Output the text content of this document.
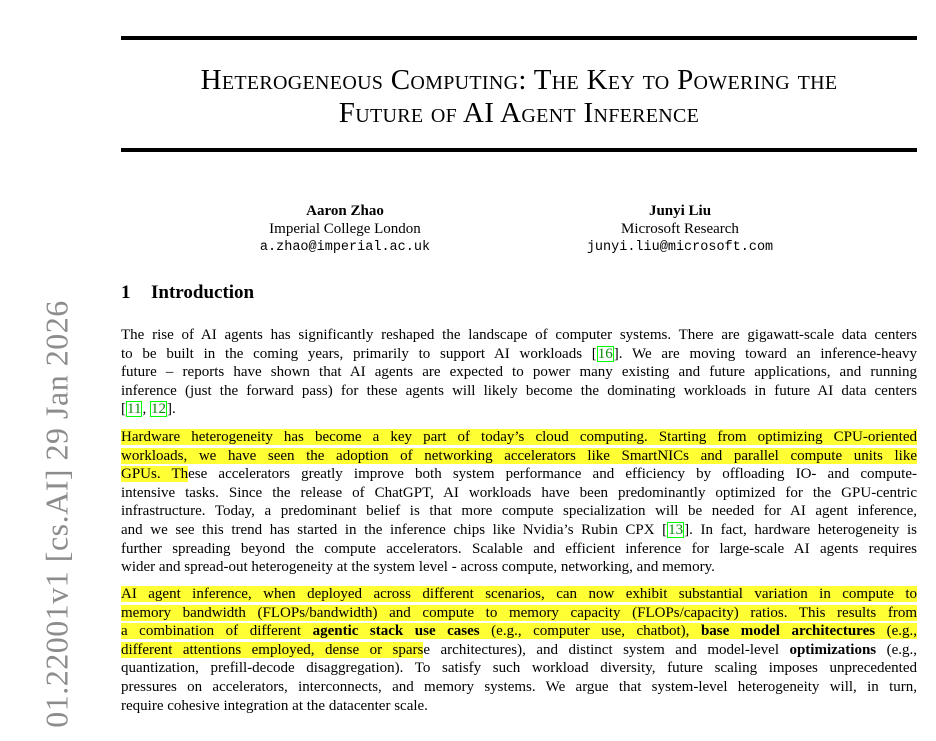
01.22001v1 [cs.AI] 29 Jan 2026
Heterogeneous Computing: The Key to Powering the
Future of AI Agent Inference
Aaron Zhao
Imperial College London
a.zhao@imperial.ac.uk
Junyi Liu
Microsoft Research
junyi.liu@microsoft.com
1 Introduction
The rise of AI agents has significantly reshaped the landscape of computer systems. There are gigawatt-scale data centers
to be built in the coming years, primarily to support AI workloads [16]. We are moving toward an inference-heavy
future – reports have shown that AI agents are expected to power many existing and future applications, and running
inference (just the forward pass) for these agents will likely become the dominating workloads in future AI data centers
[11, 12].
Hardware heterogeneity has become a key part of today’s cloud computing. Starting from optimizing CPU-oriented
workloads, we have seen the adoption of networking accelerators like SmartNICs and parallel compute units like
GPUs. These accelerators greatly improve both system performance and efficiency by offloading IO- and compute-
intensive tasks. Since the release of ChatGPT, AI workloads have been predominantly optimized for the GPU-centric
infrastructure. Today, a predominant belief is that more compute specialization will be needed for AI agent inference,
and we see this trend has started in the inference chips like Nvidia’s Rubin CPX [13]. In fact, hardware heterogeneity is
further spreading beyond the compute accelerators. Scalable and efficient inference for large-scale AI agents requires
wider and spread-out heterogeneity at the system level - across compute, networking, and memory.
AI agent inference, when deployed across different scenarios, can now exhibit substantial variation in compute to
memory bandwidth (FLOPs/bandwidth) and compute to memory capacity (FLOPs/capacity) ratios. This results from
a combination of different agentic stack use cases (e.g., computer use, chatbot), base model architectures (e.g.,
different attentions employed, dense or sparse architectures), and distinct system and model-level optimizations (e.g.,
quantization, prefill-decode disaggregation). To satisfy such workload diversity, future scaling imposes unprecedented
pressures on accelerators, interconnects, and memory systems. We argue that system-level heterogeneity will, in turn,
require cohesive integration at the datacenter scale.
